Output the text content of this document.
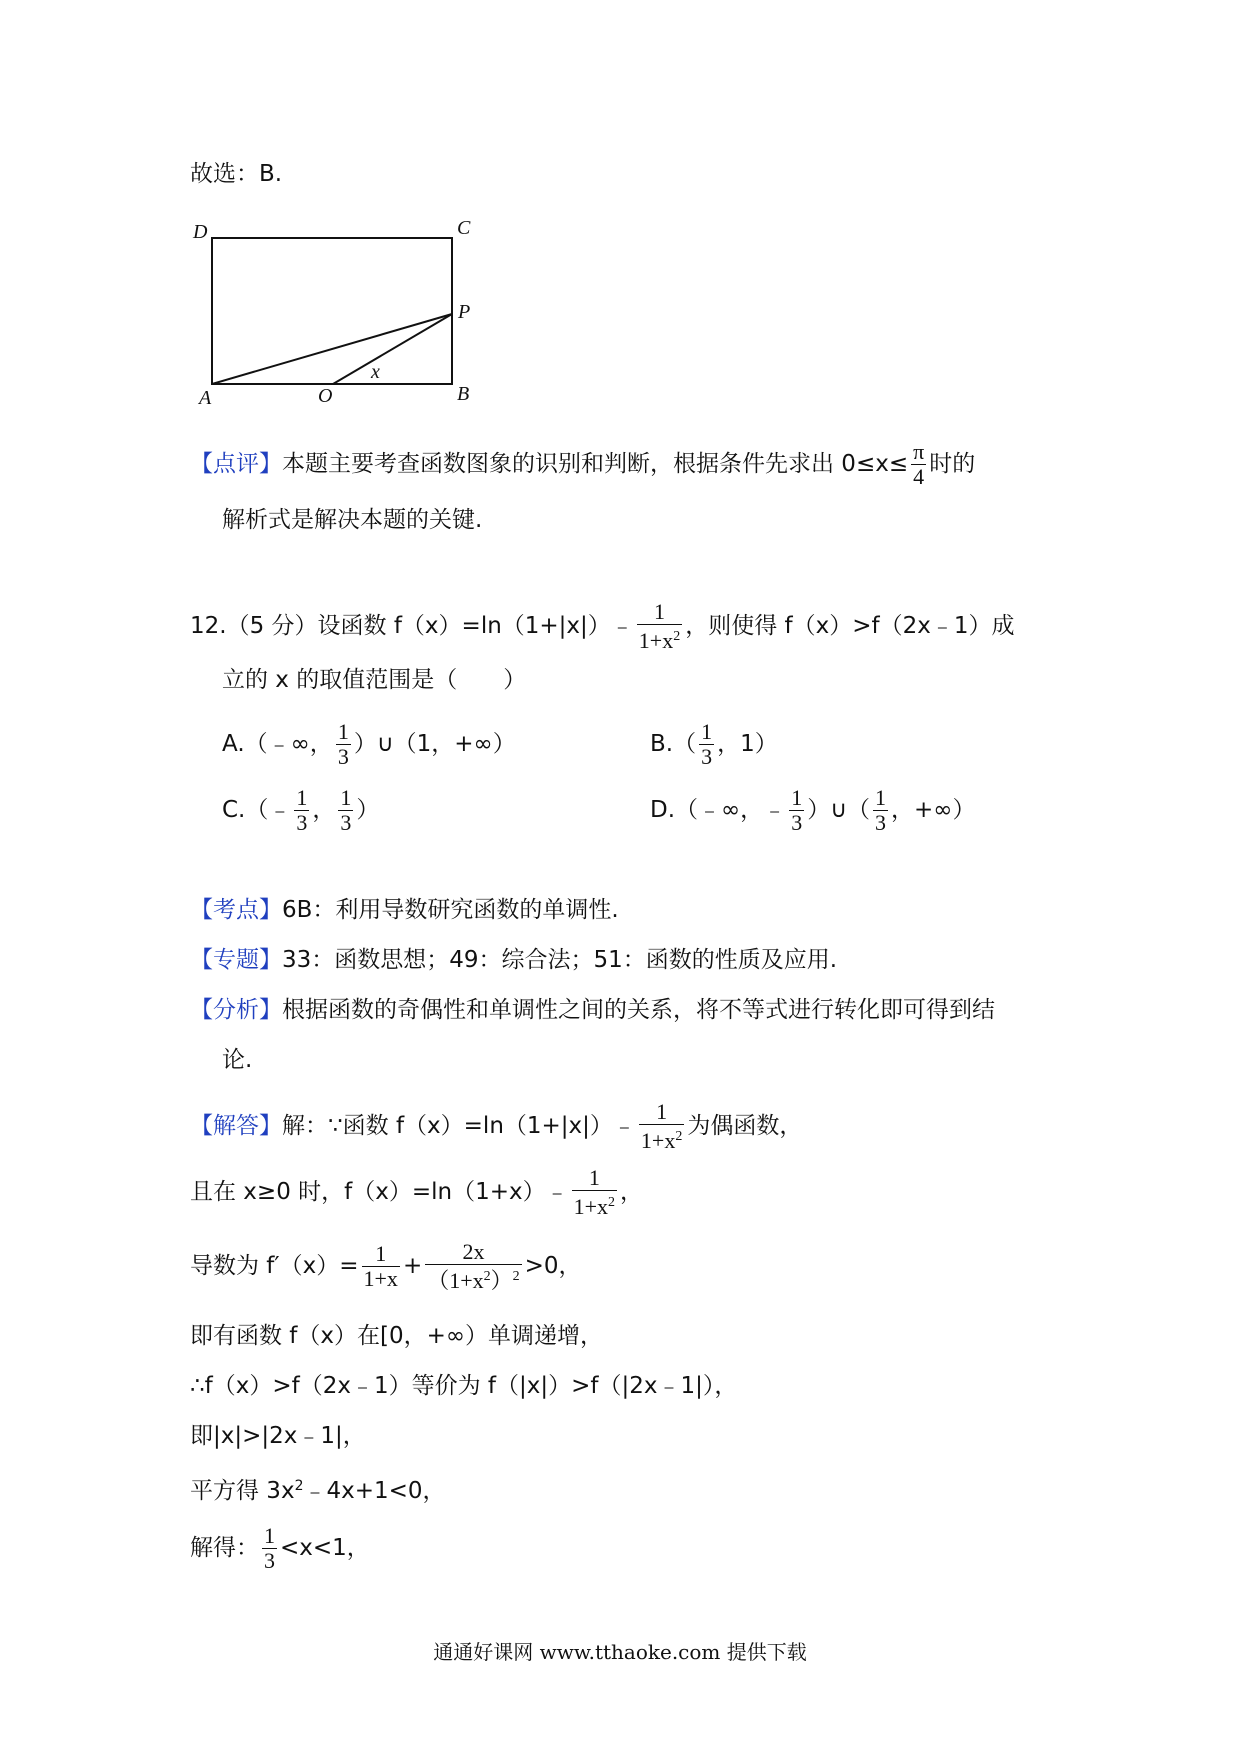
故选：B.
D	C
P
A	O	B
x
【点评】本题主要考查函数图象的识别和判断，根据条件先求出 $0\le x\le \frac{\pi}{4}$ 时的
解析式是解决本题的关键.
12.（5 分）设函数 f（x）=ln（1+|x|）﹣ $\frac{1}{1+x^2}$ ，则使得 f（x）>f（2x﹣1）成
立的 x 的取值范围是（　　）
A.（﹣∞， $\frac{1}{3}$ ）∪（1，+∞）	$B.( \frac{1}{3}$ ，1）
C.（﹣ $\frac{1}{3}$ ， $\frac{1}{3}$ ）	D.（﹣∞，﹣ $\frac{1}{3}$ ）∪（ $\frac{1}{3}$ ，+∞）
【考点】6B：利用导数研究函数的单调性.
【专题】33：函数思想；49：综合法；51：函数的性质及应用.
【分析】根据函数的奇偶性和单调性之间的关系，将不等式进行转化即可得到结
论.
【解答】解：∵函数 f（x）=ln（1+|x|）﹣ $\frac{1}{1+x^2}$ 为偶函数，
且在 x≥0 时，f（x）=ln（1+x）﹣ $\frac{1}{1+x^2}$ ，
导数为 $f'(x)= \frac{1}{1+x} + \frac{2x}{(1+x^2)^2} >0$，
即有函数 f（x）在[0，+∞）单调递增，
∴f（x）>f（2x﹣1）等价为 f（|x|）>f（|2x﹣1|），
即|x|>|2x﹣1|，
平方得 $3x^2﹣4x+1<0$，
解得： $\frac{1}{3} <x<1$，
通通好课网 www.tthaoke.com 提供下载
